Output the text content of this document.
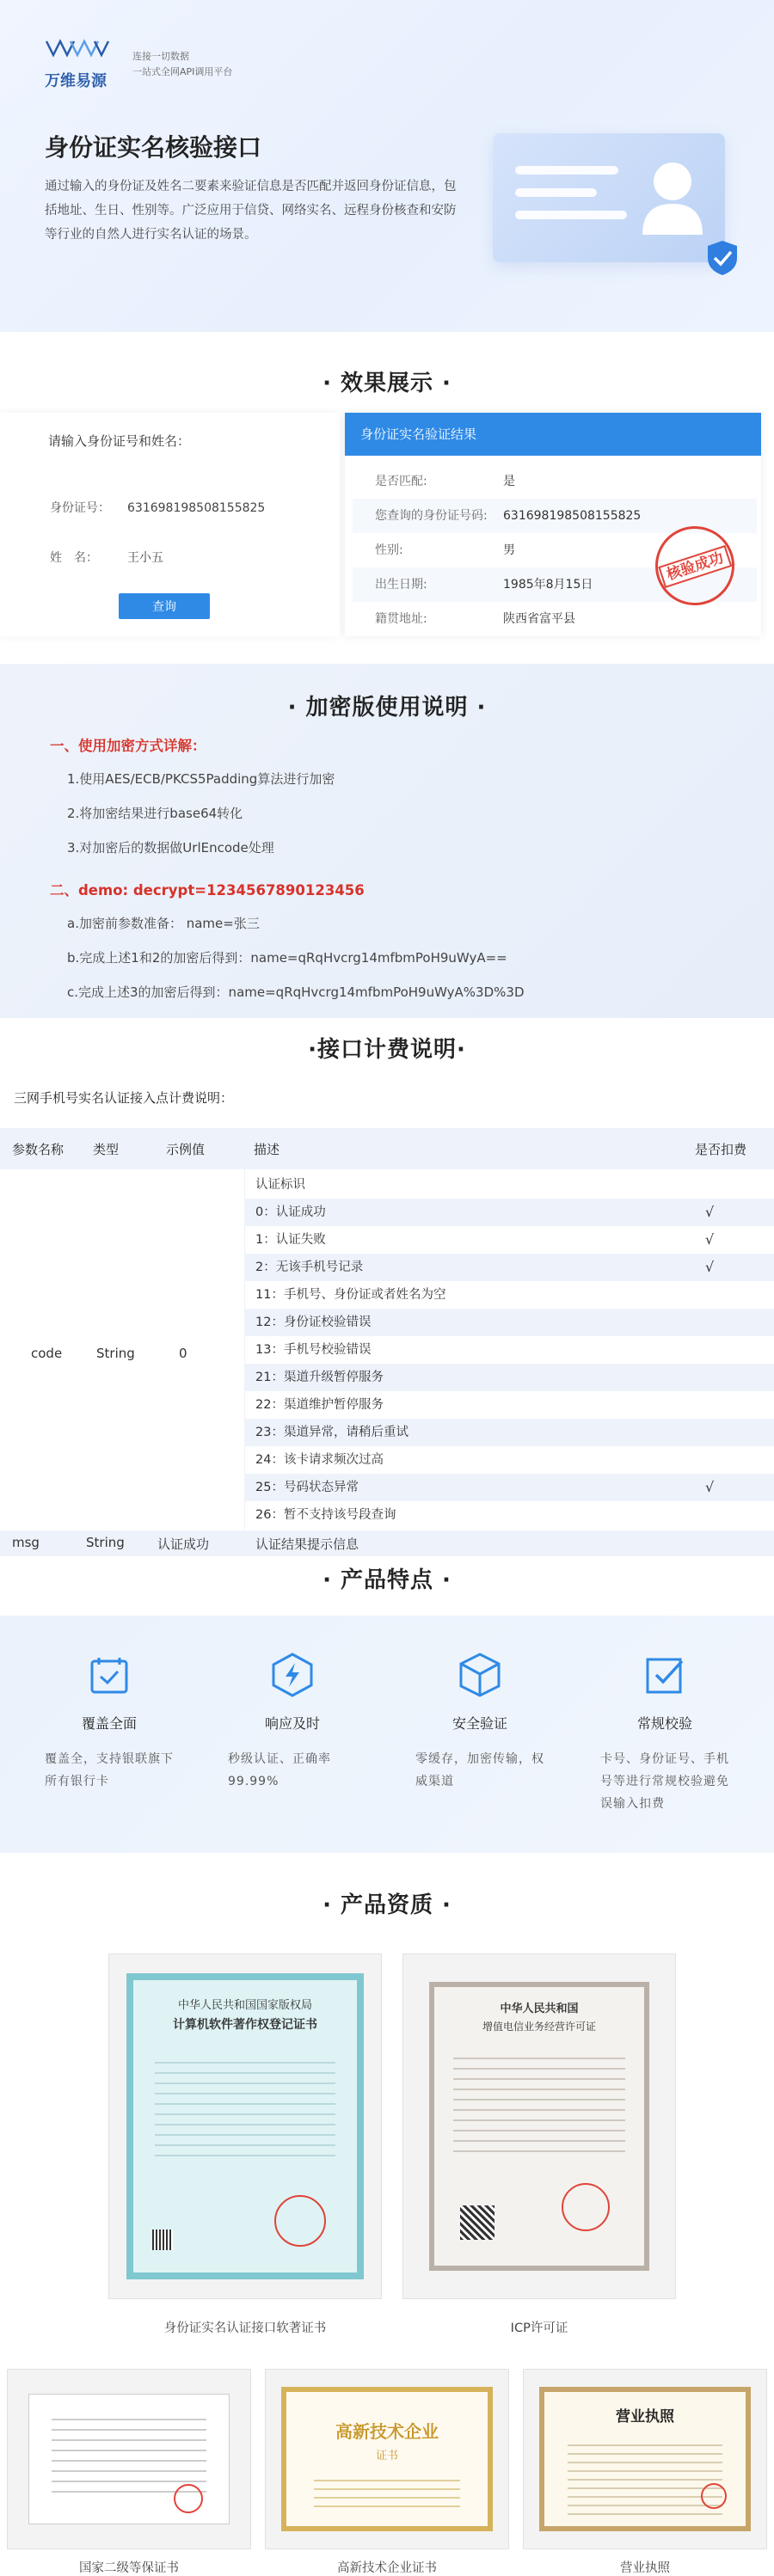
万维易源
连接一切数据
一站式全网API调用平台
身份证实名核验接口

通过输入的身份证及姓名二要素来验证信息是否匹配并返回身份证信息，包括地址、生日、性别等。广泛应用于信贷、网络实名、远程身份核查和安防等行业的自然人进行实名认证的场景。

· 效果展示 ·
请输入身份证号和姓名：
身份证号： 631698198508155825
姓　名： 王小五
查询
身份证实名验证结果
是否匹配:	是
您查询的身份证号码: 631698198508155825
性别:	男
出生日期:	1985年8月15日
籍贯地址:	陕西省富平县
核验成功
· 加密版使用说明 ·
一、使用加密方式详解：
1.使用AES/ECB/PKCS5Padding算法进行加密
2.将加密结果进行base64转化
3.对加密后的数据做UrlEncode处理
二、demo: decrypt=1234567890123456
a.加密前参数准备： name=张三
b.完成上述1和2的加密后得到：name=qRqHvcrg14mfbmPoH9uWyA==
c.完成上述3的加密后得到：name=qRqHvcrg14mfbmPoH9uWyA%3D%3D
·接口计费说明·
三网手机号实名认证接入点计费说明：
参数名称 类型	示例值	描述	是否扣费
code	String	0
认证标识
0：认证成功	√
1：认证失败	√
2：无该手机号记录	√
11：手机号、身份证或者姓名为空
12：身份证校验错误
13：手机号校验错误
21：渠道升级暂停服务
22：渠道维护暂停服务
23：渠道异常，请稍后重试
24：该卡请求频次过高
25：号码状态异常	√
26：暂不支持该号段查询
msg	String	认证成功	认证结果提示信息
· 产品特点 ·
覆盖全面
覆盖全，支持银联旗下所有银行卡
响应及时
秒级认证、正确率99.99%
安全验证
零缓存，加密传输，权威渠道
常规校验
卡号、身份证号、手机号等进行常规校验避免误输入扣费
· 产品资质 ·
中华人民共和国国家版权局
计算机软件著作权登记证书
身份证实名认证接口软著证书
中华人民共和国
增值电信业务经营许可证
ICP许可证
国家二级等保证书
高新技术企业
证书
高新技术企业证书
营业执照
营业执照
